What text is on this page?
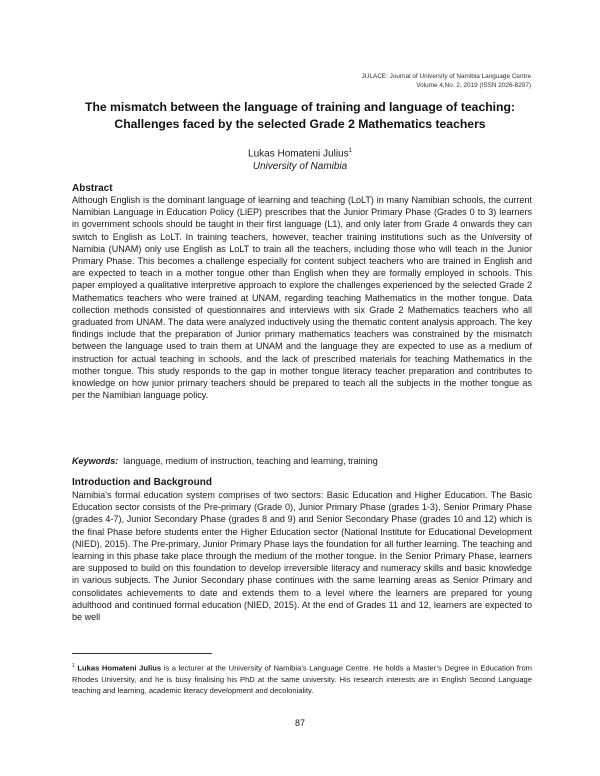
JULACE: Journal of University of Namibia Language Centre
Volume 4,No. 2, 2019 (ISSN 2026-8297)
The mismatch between the language of training and language of teaching:
Challenges faced by the selected Grade 2 Mathematics teachers
Lukas Homateni Julius$^1$
University of Namibia
Abstract

Although English is the dominant language of learning and teaching (LoLT) in many Namibian schools, the current Namibian Language in Education Policy (LiEP) prescribes that the Junior Primary Phase (Grades 0 to 3) learners in government schools should be taught in their first language (L1), and only later from Grade 4 onwards they can switch to English as LoLT. In training teachers, however, teacher training institutions such as the University of Namibia (UNAM) only use English as LoLT to train all the teachers, including those who will teach in the Junior Primary Phase. This becomes a challenge especially for content subject teachers who are trained in English and are expected to teach in a mother tongue other than English when they are formally employed in schools. This paper employed a qualitative interpretive approach to explore the challenges experienced by the selected Grade 2 Mathematics teachers who were trained at UNAM, regarding teaching Mathematics in the mother tongue. Data collection methods consisted of questionnaires and interviews with six Grade 2 Mathematics teachers who all graduated from UNAM. The data were analyzed inductively using the thematic content analysis approach. The key findings include that the preparation of Junior primary mathematics teachers was constrained by the mismatch between the language used to train them at UNAM and the language they are expected to use as a medium of instruction for actual teaching in schools, and the lack of prescribed materials for teaching Mathematics in the mother tongue. This study responds to the gap in mother tongue literacy teacher preparation and contributes to knowledge on how junior primary teachers should be prepared to teach all the subjects in the mother tongue as per the Namibian language policy.

Keywords: language, medium of instruction, teaching and learning, training
Introduction and Background

Namibia’s formal education system comprises of two sectors: Basic Education and Higher Education. The Basic Education sector consists of the Pre-primary (Grade 0), Junior Primary Phase (grades 1-3), Senior Primary Phase (grades 4-7), Junior Secondary Phase (grades 8 and 9) and Senior Secondary Phase (grades 10 and 12) which is the final Phase before students enter the Higher Education sector (National Institute for Educational Development (NIED), 2015). The Pre-primary, Junior Primary Phase lays the foundation for all further learning. The teaching and learning in this phase take place through the medium of the mother tongue. In the Senior Primary Phase, learners are supposed to build on this foundation to develop irreversible literacy and numeracy skills and basic knowledge in various subjects. The Junior Secondary phase continues with the same learning areas as Senior Primary and consolidates achievements to date and extends them to a level where the learners are prepared for young adulthood and continued formal education (NIED, 2015). At the end of Grades 11 and 12, learners are expected to be well

$^1$ Lukas Homateni Julius is a lecturer at the University of Namibia’s Language Centre. He holds a Master’s Degree in Education from Rhodes University, and he is busy finalising his PhD at the same university. His research interests are in English Second Language teaching and learning, academic literacy development and decoloniality.
87
